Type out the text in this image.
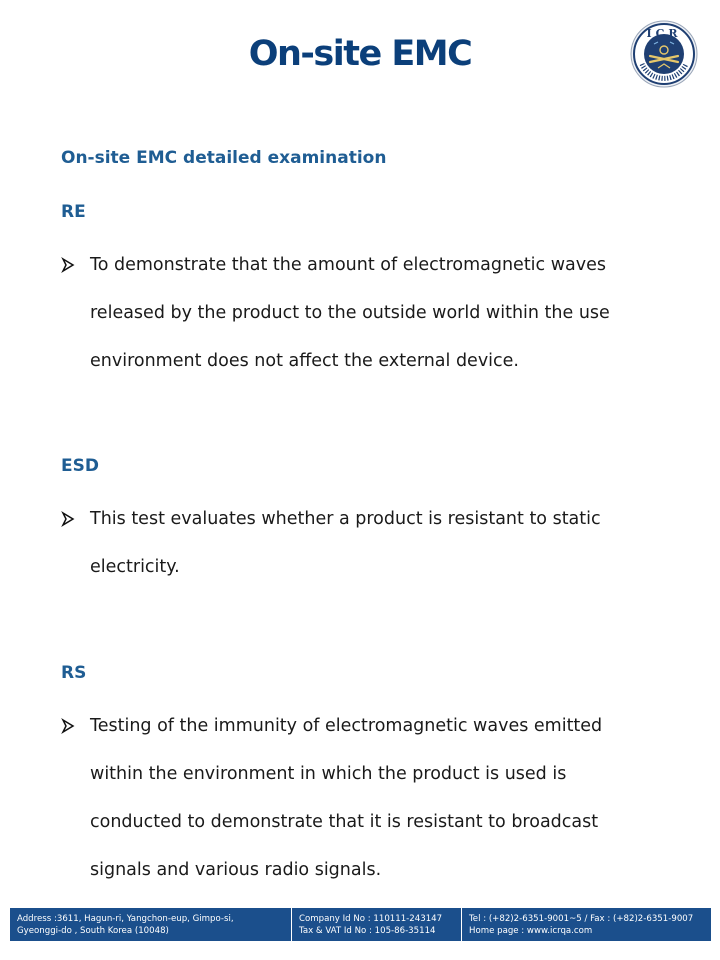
On-site EMC
ICR
On-site EMC detailed examination
RE
To demonstrate that the amount of electromagnetic waves
released by the product to the outside world within the use
environment does not affect the external device.
ESD
This test evaluates whether a product is resistant to static
electricity.
RS
Testing of the immunity of electromagnetic waves emitted
within the environment in which the product is used is
conducted to demonstrate that it is resistant to broadcast
signals and various radio signals.
Address :3611, Hagun-ri, Yangchon-eup, Gimpo-si,
Gyeonggi-do , South Korea (10048)
Company Id No : 110111-243147
Tax & VAT Id No : 105-86-35114
Tel : (+82)2-6351-9001~5 / Fax : (+82)2-6351-9007
Home page : www.icrqa.com
